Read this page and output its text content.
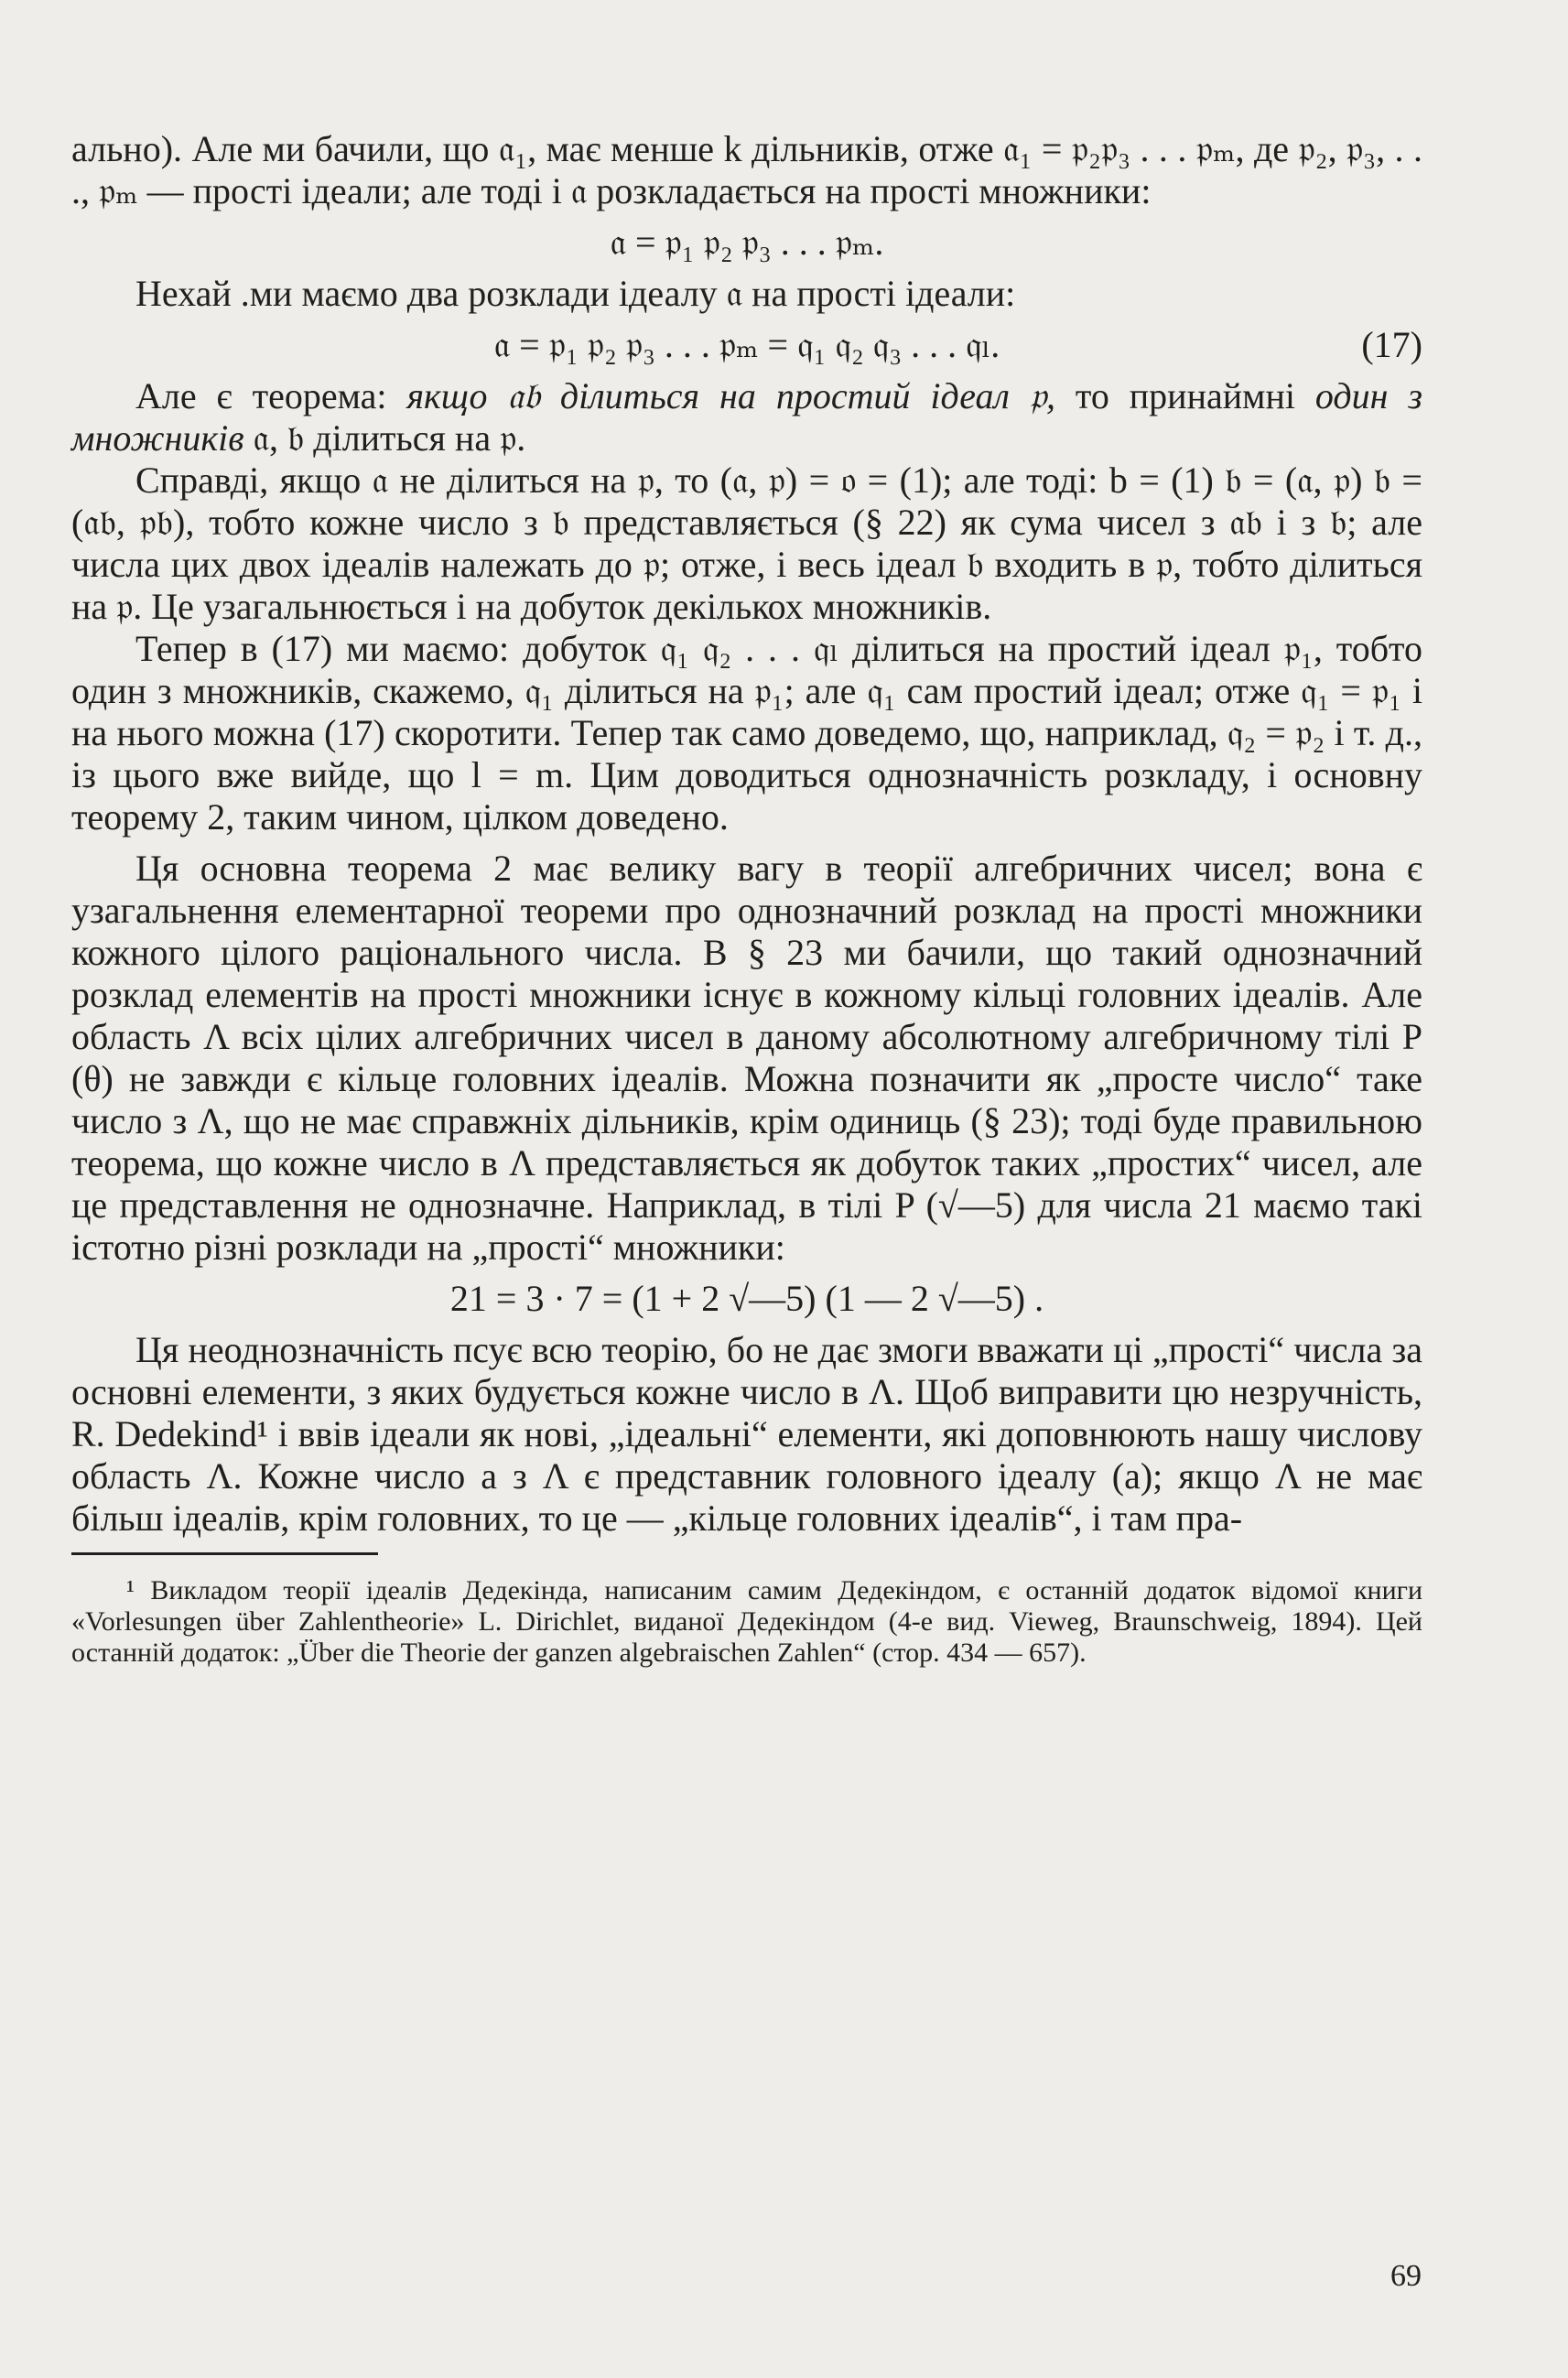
ально). Але ми бачили, що 𝔞₁, має менше k дільників, отже 𝔞₁ = 𝔭₂𝔭₃ . . . 𝔭ₘ, де 𝔭₂, 𝔭₃, . . ., 𝔭ₘ — прості ідеали; але тоді і 𝔞 розкладається на прості множники:

𝔞 = 𝔭₁ 𝔭₂ 𝔭₃ . . . 𝔭ₘ.

Нехай .ми маємо два розклади ідеалу 𝔞 на прості ідеали:

𝔞 = 𝔭₁ 𝔭₂ 𝔭₃ . . . 𝔭ₘ = 𝔮₁ 𝔮₂ 𝔮₃ . . . 𝔮ₗ.	(17)

Але є теорема: якщо 𝔞𝔟 ділиться на простий ідеал 𝔭, то принаймні один з множників 𝔞, 𝔟 ділиться на 𝔭.

Справді, якщо 𝔞 не ділиться на 𝔭, то (𝔞, 𝔭) = 𝔬 = (1); але тоді: b = (1) 𝔟 = (𝔞, 𝔭) 𝔟 = (𝔞𝔟, 𝔭𝔟), тобто кожне число з 𝔟 представляється (§ 22) як сума чисел з 𝔞𝔟 і з 𝔟; але числа цих двох ідеалів належать до 𝔭; отже, і весь ідеал 𝔟 входить в 𝔭, тобто ділиться на 𝔭. Це узагальнюється і на добуток декількох множників.

Тепер в (17) ми маємо: добуток 𝔮₁ 𝔮₂ . . . 𝔮ₗ ділиться на простий ідеал 𝔭₁, тобто один з множників, скажемо, 𝔮₁ ділиться на 𝔭₁; але 𝔮₁ сам простий ідеал; отже 𝔮₁ = 𝔭₁ і на нього можна (17) скоротити. Тепер так само доведемо, що, наприклад, 𝔮₂ = 𝔭₂ і т. д., із цього вже вийде, що l = m. Цим доводиться однозначність розкладу, і основну теорему 2, таким чином, цілком доведено.

Ця основна теорема 2 має велику вагу в теорії алгебричних чисел; вона є узагальнення елементарної теореми про однозначний розклад на прості множники кожного цілого раціонального числа. В § 23 ми бачили, що такий однозначний розклад елементів на прості множники існує в кожному кільці головних ідеалів. Але область Λ всіх цілих алгебричних чисел в даному абсолютному алгебричному тілі P (θ) не завжди є кільце головних ідеалів. Можна позначити як „просте число“ таке число з Λ, що не має справжніх дільників, крім одиниць (§ 23); тоді буде правильною теорема, що кожне число в Λ представляється як добуток таких „простих“ чисел, але це представлення не однозначне. Наприклад, в тілі P (√—5) для числа 21 маємо такі істотно різні розклади на „прості“ множники:

21 = 3 · 7 = (1 + 2 √—5) (1 — 2 √—5) .

Ця неоднозначність псує всю теорію, бо не дає змоги вважати ці „прості“ числа за основні елементи, з яких будується кожне число в Λ. Щоб виправити цю незручність, R. Dedekind¹ і ввів ідеали як нові, „ідеальні“ елементи, які доповнюють нашу числову область Λ. Кожне число a з Λ є представник головного ідеалу (a); якщо Λ не має більш ідеалів, крім головних, то це — „кільце головних ідеалів“, і там пра-

¹ Викладом теорії ідеалів Дедекінда, написаним самим Дедекіндом, є останній додаток відомої книги «Vorlesungen über Zahlentheorie» L. Dirichlet, виданої Дедекіндом (4-е вид. Vieweg, Braunschweig, 1894). Цей останній додаток: „Über die Theorie der ganzen algebraischen Zahlen“ (стор. 434 — 657).

69
